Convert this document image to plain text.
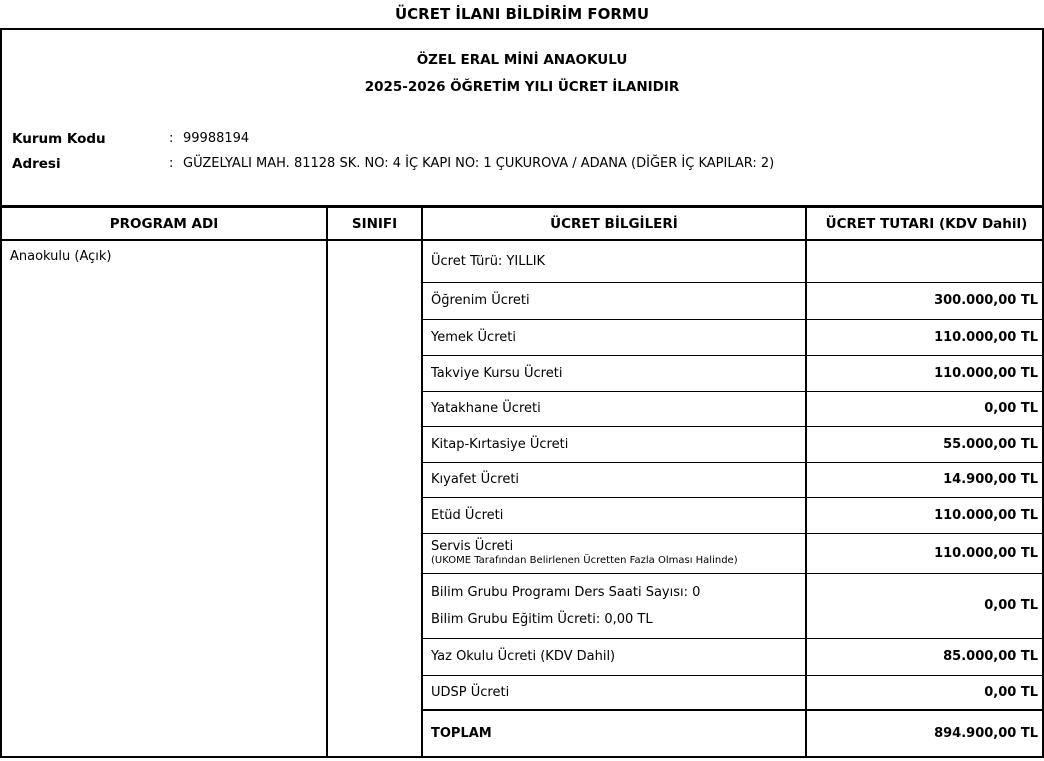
ÜCRET İLANI BİLDİRİM FORMU
ÖZEL ERAL MİNİ ANAOKULU
2025-2026 ÖĞRETİM YILI ÜCRET İLANIDIR
Kurum Kodu	: 99988194
Adresi	: GÜZELYALI MAH. 81128 SK. NO: 4 İÇ KAPI NO: 1 ÇUKUROVA / ADANA (DİĞER İÇ KAPILAR: 2)
PROGRAM ADI	SINIFI	ÜCRET BİLGİLERİ	ÜCRET TUTARI (KDV Dahil)

Anaokulu (Açık)		Ücret Türü: YILLIK	

		Öğrenim Ücreti	300.000,00 TL

		Yemek Ücreti	110.000,00 TL

		Takviye Kursu Ücreti	110.000,00 TL

		Yatakhane Ücreti	0,00 TL

		Kitap-Kırtasiye Ücreti	55.000,00 TL

		Kıyafet Ücreti	14.900,00 TL

		Etüd Ücreti	110.000,00 TL

		Servis Ücreti
(UKOME Tarafından Belirlenen Ücretten Fazla Olması Halinde)	110.000,00 TL

		Bilim Grubu Programı Ders Saati Sayısı: 0
Bilim Grubu Eğitim Ücreti: 0,00 TL	0,00 TL

		Yaz Okulu Ücreti (KDV Dahil)	85.000,00 TL

		UDSP Ücreti	0,00 TL

		TOPLAM	894.900,00 TL
